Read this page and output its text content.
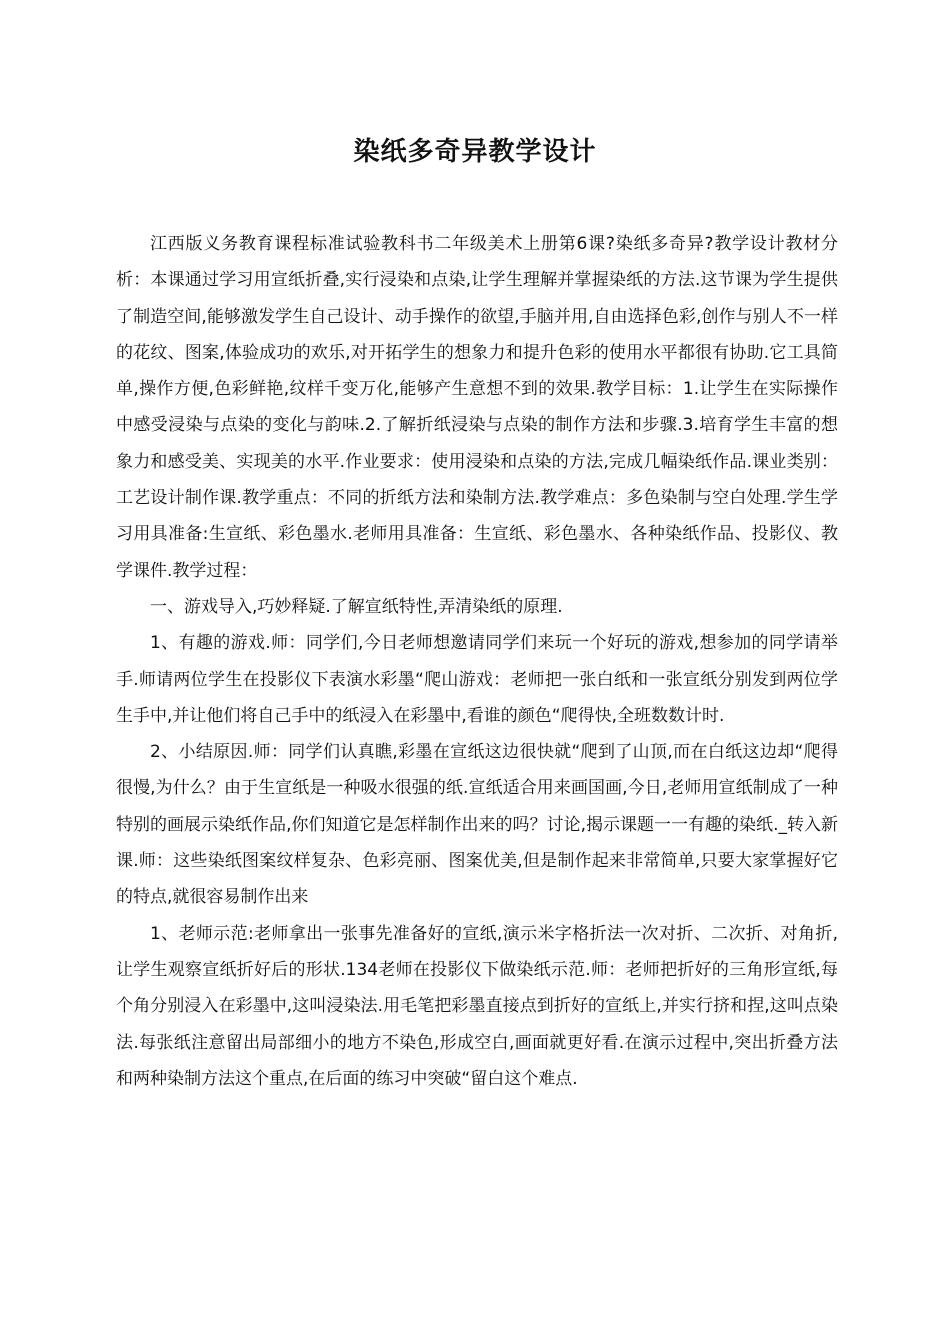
染纸多奇异教学设计

江西版义务教育课程标准试验教科书二年级美术上册第6课?染纸多奇异?教学设计教材分析：本课通过学习用宣纸折叠,实行浸染和点染,让学生理解并掌握染纸的方法.这节课为学生提供了制造空间,能够激发学生自己设计、动手操作的欲望,手脑并用,自由选择色彩,创作与别人不一样的花纹、图案,体验成功的欢乐,对开拓学生的想象力和提升色彩的使用水平都很有协助.它工具简单,操作方便,色彩鲜艳,纹样千变万化,能够产生意想不到的效果.教学目标：1.让学生在实际操作中感受浸染与点染的变化与韵味.2.了解折纸浸染与点染的制作方法和步骤.3.培育学生丰富的想象力和感受美、实现美的水平.作业要求：使用浸染和点染的方法,完成几幅染纸作品.课业类别：工艺设计制作课.教学重点：不同的折纸方法和染制方法.教学难点：多色染制与空白处理.学生学习用具准备:生宣纸、彩色墨水.老师用具准备：生宣纸、彩色墨水、各种染纸作品、投影仪、教学课件.教学过程：

一、游戏导入,巧妙释疑.了解宣纸特性,弄清染纸的原理.

1、有趣的游戏.师：同学们,今日老师想邀请同学们来玩一个好玩的游戏,想参加的同学请举手.师请两位学生在投影仪下表演水彩墨“爬山游戏：老师把一张白纸和一张宣纸分别发到两位学生手中,并让他们将自己手中的纸浸入在彩墨中,看谁的颜色“爬得快,全班数数计时.

2、小结原因.师：同学们认真瞧,彩墨在宣纸这边很快就“爬到了山顶,而在白纸这边却“爬得很慢,为什么？由于生宣纸是一种吸水很强的纸.宣纸适合用来画国画,今日,老师用宣纸制成了一种特别的画展示染纸作品,你们知道它是怎样制作出来的吗？讨论,揭示课题一一有趣的染纸._转入新课.师：这些染纸图案纹样复杂、色彩亮丽、图案优美,但是制作起来非常简单,只要大家掌握好它的特点,就很容易制作出来

1、老师示范:老师拿出一张事先准备好的宣纸,演示米字格折法一次对折、二次折、对角折,让学生观察宣纸折好后的形状.134老师在投影仪下做染纸示范.师：老师把折好的三角形宣纸,每个角分别浸入在彩墨中,这叫浸染法.用毛笔把彩墨直接点到折好的宣纸上,并实行挤和捏,这叫点染法.每张纸注意留出局部细小的地方不染色,形成空白,画面就更好看.在演示过程中,突出折叠方法和两种染制方法这个重点,在后面的练习中突破“留白这个难点.
